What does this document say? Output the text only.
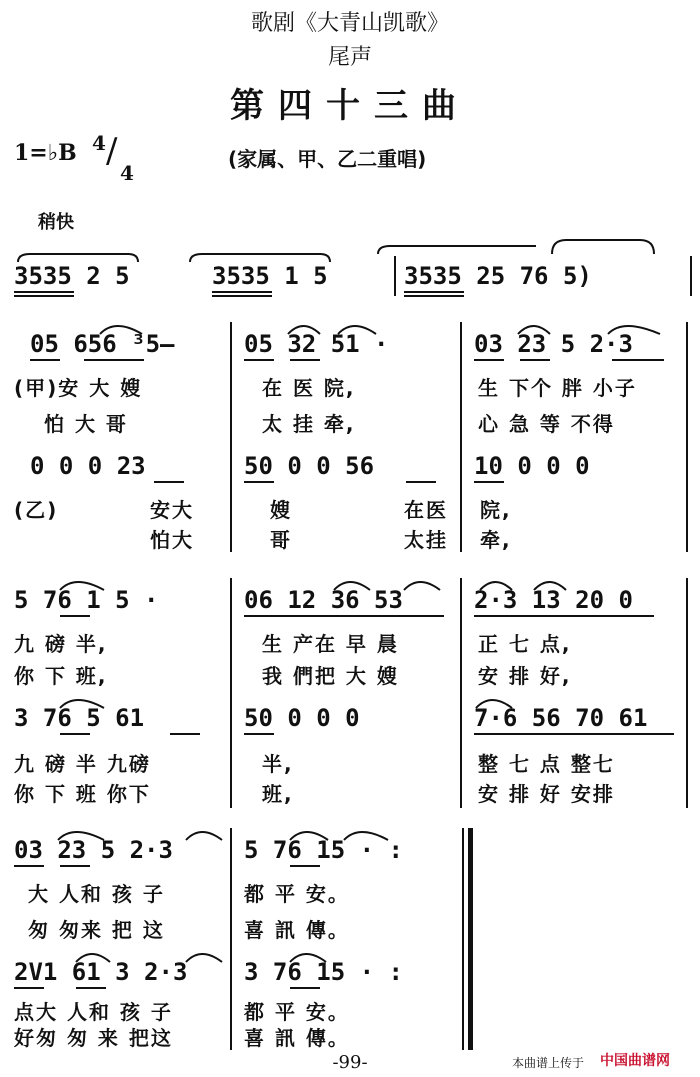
歌剧《大青山凯歌》
尾声
第四十三曲
1=♭B 4 /
4
(家属、甲、乙二重唱)
稍快
3535 2 5	3535 1 5	3535 25 76 5)
05 656 ³5—	05 32 51 ·	03 23 5 2·3
(甲)安 大 嫂	在 医 院,	生 下个 胖 小子
怕 大 哥	太 挂 牵,	心 急 等 不得
0 0 0 23	50 0 0 56	10 0 0 0
(乙)	安大	嫂	在医 院,
怕大	哥	太挂 牵,
5 76 1 5 ·	06 12 36 53	2·3 13 20 0
九 磅 半,	生 产在 早 晨	正 七 点,
你 下 班,	我 們把 大 嫂	安 排 好,
3 76 5 61	50 0 0 0	7·6 56 70 61
九 磅 半 九磅	半,	整 七 点 整七
你 下 班 你下	班,	安 排 好 安排
03 23 5 2·3	5 76 15 · :
大 人和 孩 子	都 平 安。
匆 匆来 把 这	喜 訊 傳。
2V1 61 3 2·3 3 76 15 · :
点大 人和 孩 子	都 平 安。
好匆 匆 来 把这	喜 訊 傳。
-99-	本曲谱上传于 中国曲谱网
